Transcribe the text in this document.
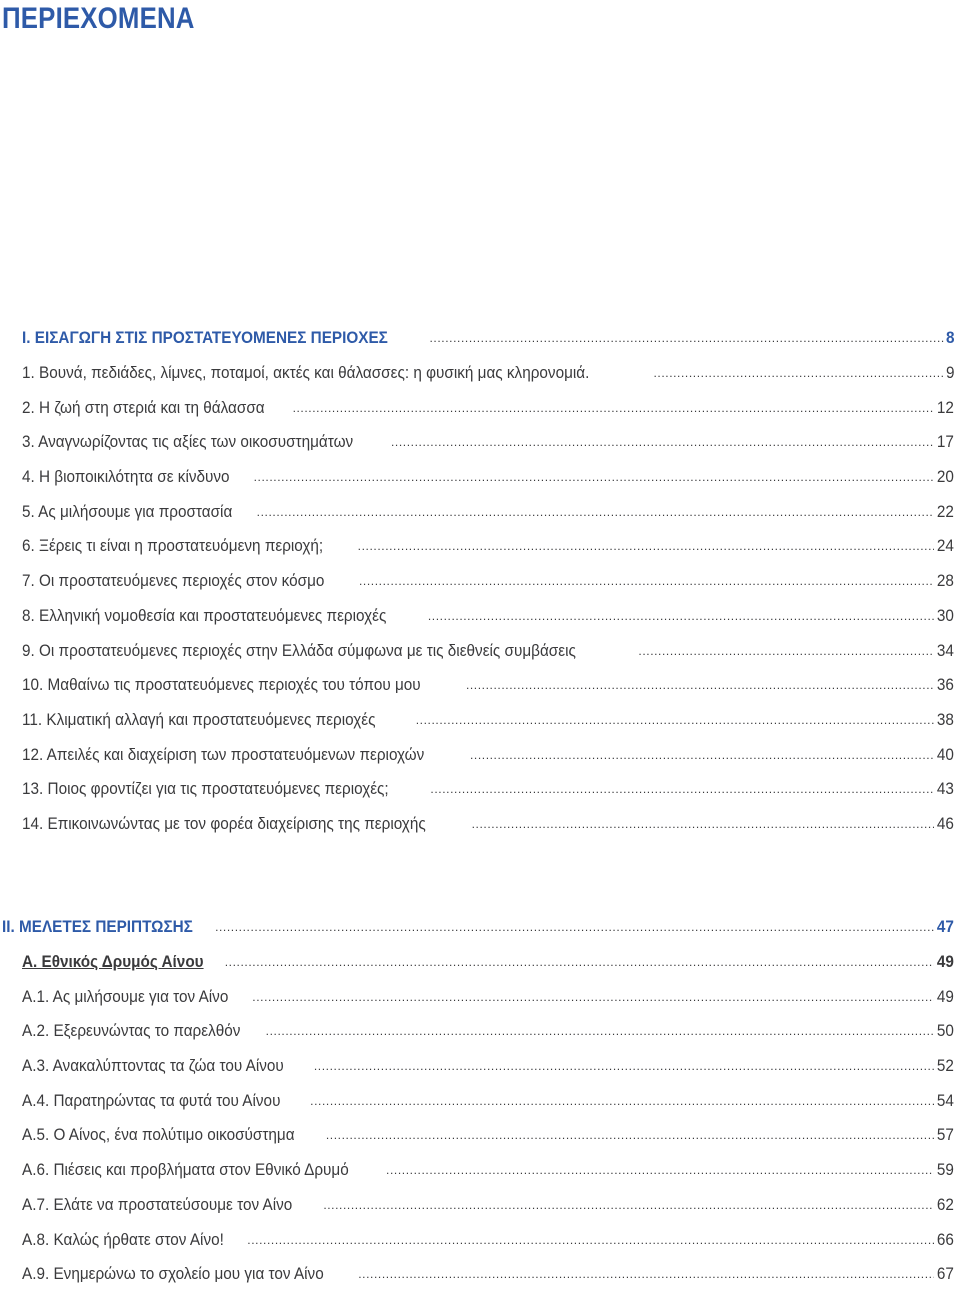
ΠΕΡΙΕΧΟΜΕΝΑ
I. ΕΙΣΑΓΩΓΗ ΣΤΙΣ ΠΡΟΣΤΑΤΕΥΟΜΕΝΕΣ ΠΕΡΙΟΧΕΣ .....	8
1. Βουνά, πεδιάδες, λίμνες, ποταμοί, ακτές και θάλασσες: η φυσική μας κληρονομιά. .....	9
2. Η ζωή στη στεριά και τη θάλασσα .....	12
3. Αναγνωρίζοντας τις αξίες των οικοσυστημάτων .....	17
4. Η βιοποικιλότητα σε κίνδυνο .....	20
5. Ας μιλήσουμε για προστασία .....	22
6. Ξέρεις τι είναι η προστατευόμενη περιοχή; .....	24
7. Οι προστατευόμενες περιοχές στον κόσμο .....	28
8. Ελληνική νομοθεσία και προστατευόμενες περιοχές .....	30
9. Οι προστατευόμενες περιοχές στην Ελλάδα σύμφωνα με τις διεθνείς συμβάσεις .....	34
10. Μαθαίνω τις προστατευόμενες περιοχές του τόπου μου .....	36
11. Κλιματική αλλαγή και προστατευόμενες περιοχές .....	38
12. Απειλές και διαχείριση των προστατευόμενων περιοχών .....	40
13. Ποιος φροντίζει για τις προστατευόμενες περιοχές; .....	43
14. Επικοινωνώντας με τον φορέα διαχείρισης της περιοχής .....	46
II. ΜΕΛΕΤΕΣ ΠΕΡΙΠΤΩΣΗΣ .....	47
Α. Εθνικός Δρυμός Αίνου .....	49
Α.1. Ας μιλήσουμε για τον Αίνο .....	49
Α.2. Εξερευνώντας το παρελθόν .....	50
Α.3. Ανακαλύπτοντας τα ζώα του Αίνου .....	52
Α.4. Παρατηρώντας τα φυτά του Αίνου .....	54
Α.5. Ο Αίνος, ένα πολύτιμο οικοσύστημα .....	57
Α.6. Πιέσεις και προβλήματα στον Εθνικό Δρυμό .....	59
Α.7. Ελάτε να προστατεύσουμε τον Αίνο .....	62
Α.8. Καλώς ήρθατε στον Αίνο! .....	66
Α.9. Ενημερώνω το σχολείο μου για τον Αίνο .....	67
